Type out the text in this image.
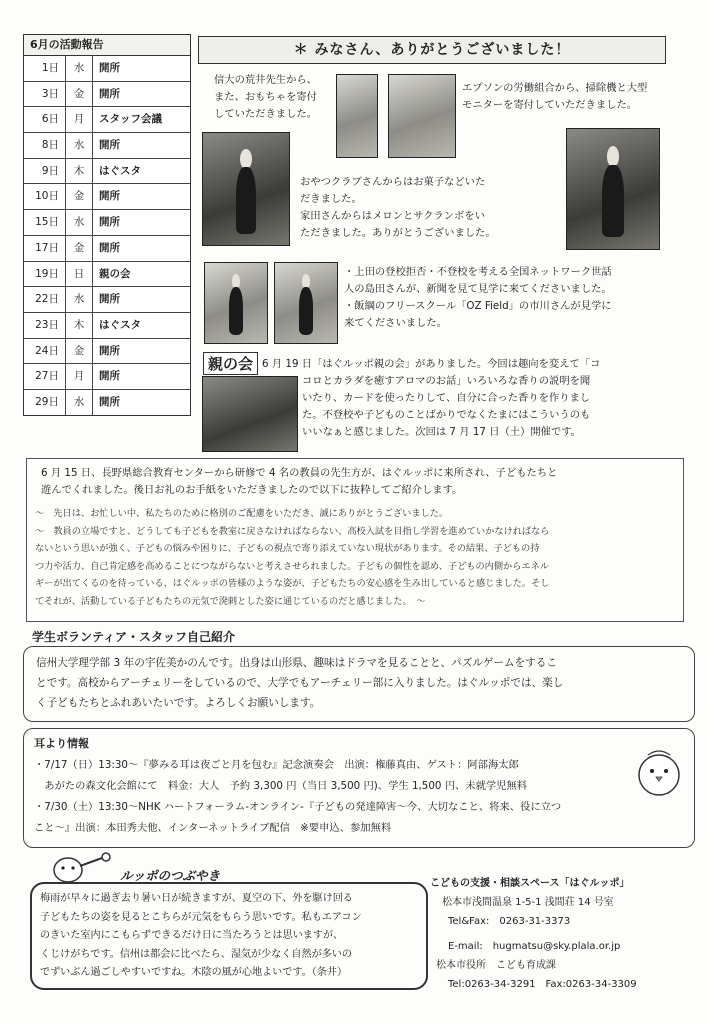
6月の活動報告
1日	水	開所
3日	金	開所
6日	月	スタッフ会議
8日	水	開所
9日	木	はぐスタ
10日	金	開所
15日	水	開所
17日	金	開所
19日	日	親の会
22日	水	開所
23日	木	はぐスタ
24日	金	開所
27日	月	開所
29日	水	開所
＊ みなさん、ありがとうございました！
信大の荒井先生から、
また、おもちゃを寄付
していただきました。
エプソンの労働組合から、掃除機と大型
モニターを寄付していただきました。
おやつクラブさんからはお菓子などいた
だきました。
家田さんからはメロンとサクランボをい
ただきました。ありがとうございました。
・上田の登校拒否・不登校を考える全国ネットワーク世話
人の島田さんが、新聞を見て見学に来てくださいました。
・飯綱のフリースクール「OZ Field」の市川さんが見学に
来てくださいました。
親の会 6 月 19 日「はぐルッポ親の会」がありました。今回は趣向を変えて「コ
コロとカラダを癒すアロマのお話」いろいろな香りの説明を聞
いたり、カードを使ったりして、自分に合った香りを作りまし
た。不登校や子どものことばかりでなくたまにはこういうのも
いいなぁと感じました。次回は 7 月 17 日（土）開催です。
6 月 15 日、長野県総合教育センターから研修で 4 名の教員の先生方が、はぐルッポに来所され、子どもたちと
遊んでくれました。後日お礼のお手紙をいただきましたので以下に抜粋してご紹介します。
～　先日は、お忙しい中、私たちのために格別のご配慮をいただき、誠にありがとうございました。
～　教員の立場ですと、どうしても子どもを教室に戻さなければならない、高校入試を目指し学習を進めていかなければなら
ないという思いが強く、子どもの悩みや困りに、子どもの視点で寄り添えていない現状があります。その結果、子どもの持
つ力や活力、自己肯定感を高めることにつながらないと考えさせられました。子どもの個性を認め、子どもの内側からエネル
ギーが出てくるのを待っている、はぐルッポの皆様のような姿が、子どもたちの安心感を生み出していると感じました。そし
てそれが、活動している子どもたちの元気で溌剌とした姿に通じているのだと感じました。　～
学生ボランティア・スタッフ自己紹介
信州大学理学部 3 年の宇佐美かのんです。出身は山形県、趣味はドラマを見ることと、パズルゲームをするこ
とです。高校からアーチェリーをしているので、大学でもアーチェリー部に入りました。はぐルッポでは、楽し
く子どもたちとふれあいたいです。よろしくお願いします。
耳より情報
・7/17（日）13:30～『夢みる耳は夜ごと月を包む』記念演奏会　出演：権藤真由、ゲスト：阿部海太郎
　あがたの森文化会館にて　料金：大人　予約 3,300 円（当日 3,500 円)、学生 1,500 円、未就学児無料
・7/30（土）13:30～NHK ハートフォーラム-オンライン-『子どもの発達障害～今、大切なこと、将来、役に立つ
こと～』出演：本田秀夫他、インターネットライブ配信　※要申込、参加無料
ルッポのつぶやき
梅雨が早々に過ぎ去り暑い日が続きますが、夏空の下、外を駆け回る
子どもたちの姿を見るとこちらが元気をもらう思いです。私もエアコン
のきいた室内にこもらずできるだけ日に当たろうとは思いますが、
くじけがちです。信州は都会に比べたら、湿気が少なく自然が多いの
でずいぶん過ごしやすいですね。木陰の風が心地よいです。（条井）
こどもの支援・相談スペース「はぐルッポ」
松本市浅間温泉 1-5-1 浅間荘 14 号室
Tel&Fax:　0263-31-3373
E-mail:　hugmatsu@sky.plala.or.jp
松本市役所　こども育成課
Tel:0263-34-3291　Fax:0263-34-3309
